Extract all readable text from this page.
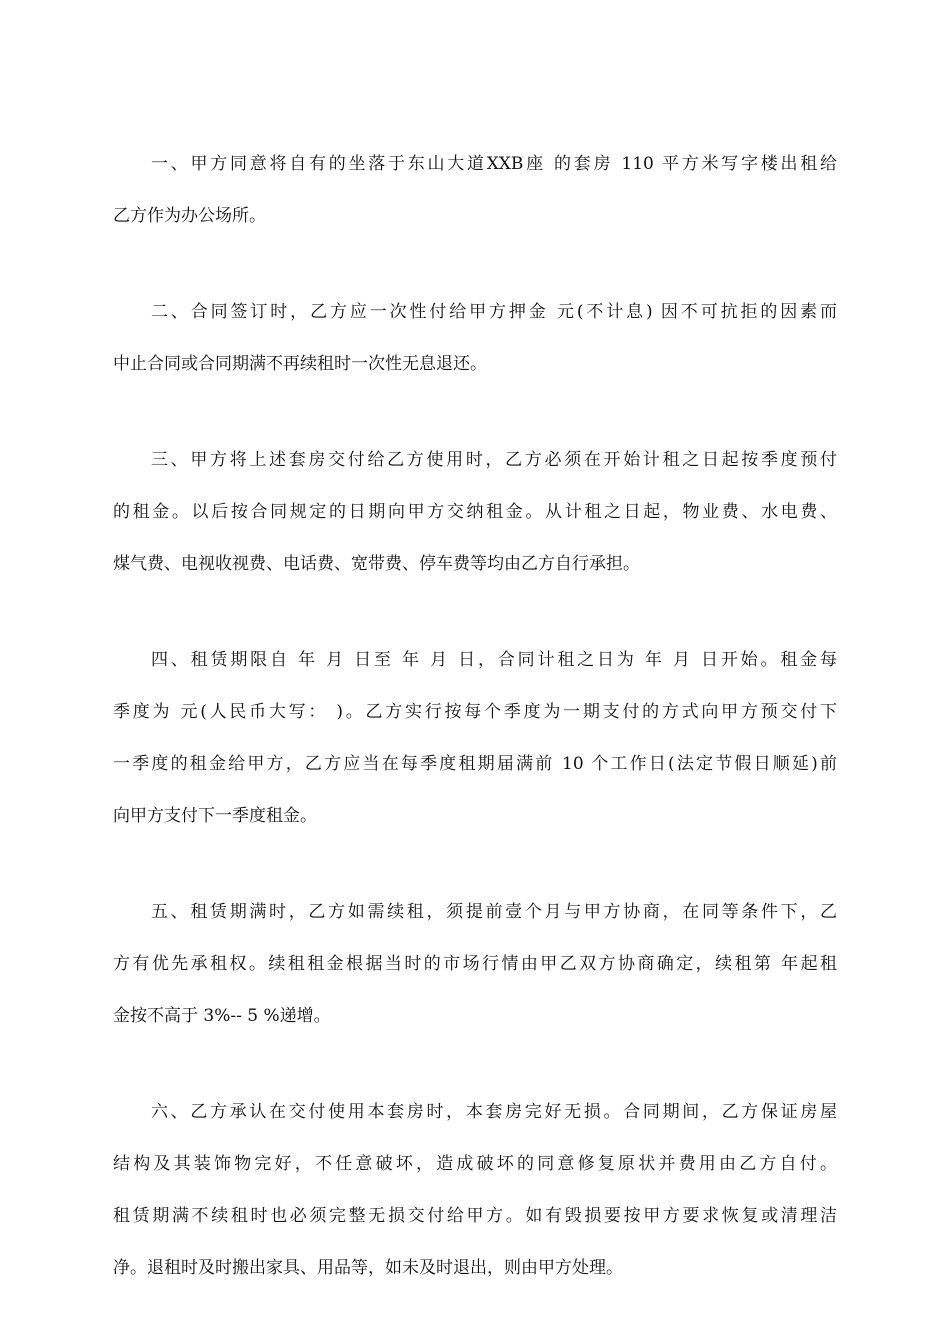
一、甲方同意将自有的坐落于东山大道XXB座 的套房 110 平方米写字楼出租给
乙方作为办公场所。
二、合同签订时，乙方应一次性付给甲方押金 元(不计息) 因不可抗拒的因素而
中止合同或合同期满不再续租时一次性无息退还。
三、甲方将上述套房交付给乙方使用时，乙方必须在开始计租之日起按季度预付
的租金。以后按合同规定的日期向甲方交纳租金。从计租之日起，物业费、水电费、
煤气费、电视收视费、电话费、宽带费、停车费等均由乙方自行承担。
四、租赁期限自 年 月 日至 年 月 日，合同计租之日为 年 月 日开始。租金每
季度为 元(人民币大写： )。乙方实行按每个季度为一期支付的方式向甲方预交付下
一季度的租金给甲方，乙方应当在每季度租期届满前 10 个工作日(法定节假日顺延)前
向甲方支付下一季度租金。
五、租赁期满时，乙方如需续租，须提前壹个月与甲方协商，在同等条件下，乙
方有优先承租权。续租租金根据当时的市场行情由甲乙双方协商确定，续租第 年起租
金按不高于 3%-- 5 %递增。
六、乙方承认在交付使用本套房时，本套房完好无损。合同期间，乙方保证房屋
结构及其装饰物完好，不任意破坏，造成破坏的同意修复原状并费用由乙方自付。
租赁期满不续租时也必须完整无损交付给甲方。如有毁损要按甲方要求恢复或清理洁
净。退租时及时搬出家具、用品等，如未及时退出，则由甲方处理。
